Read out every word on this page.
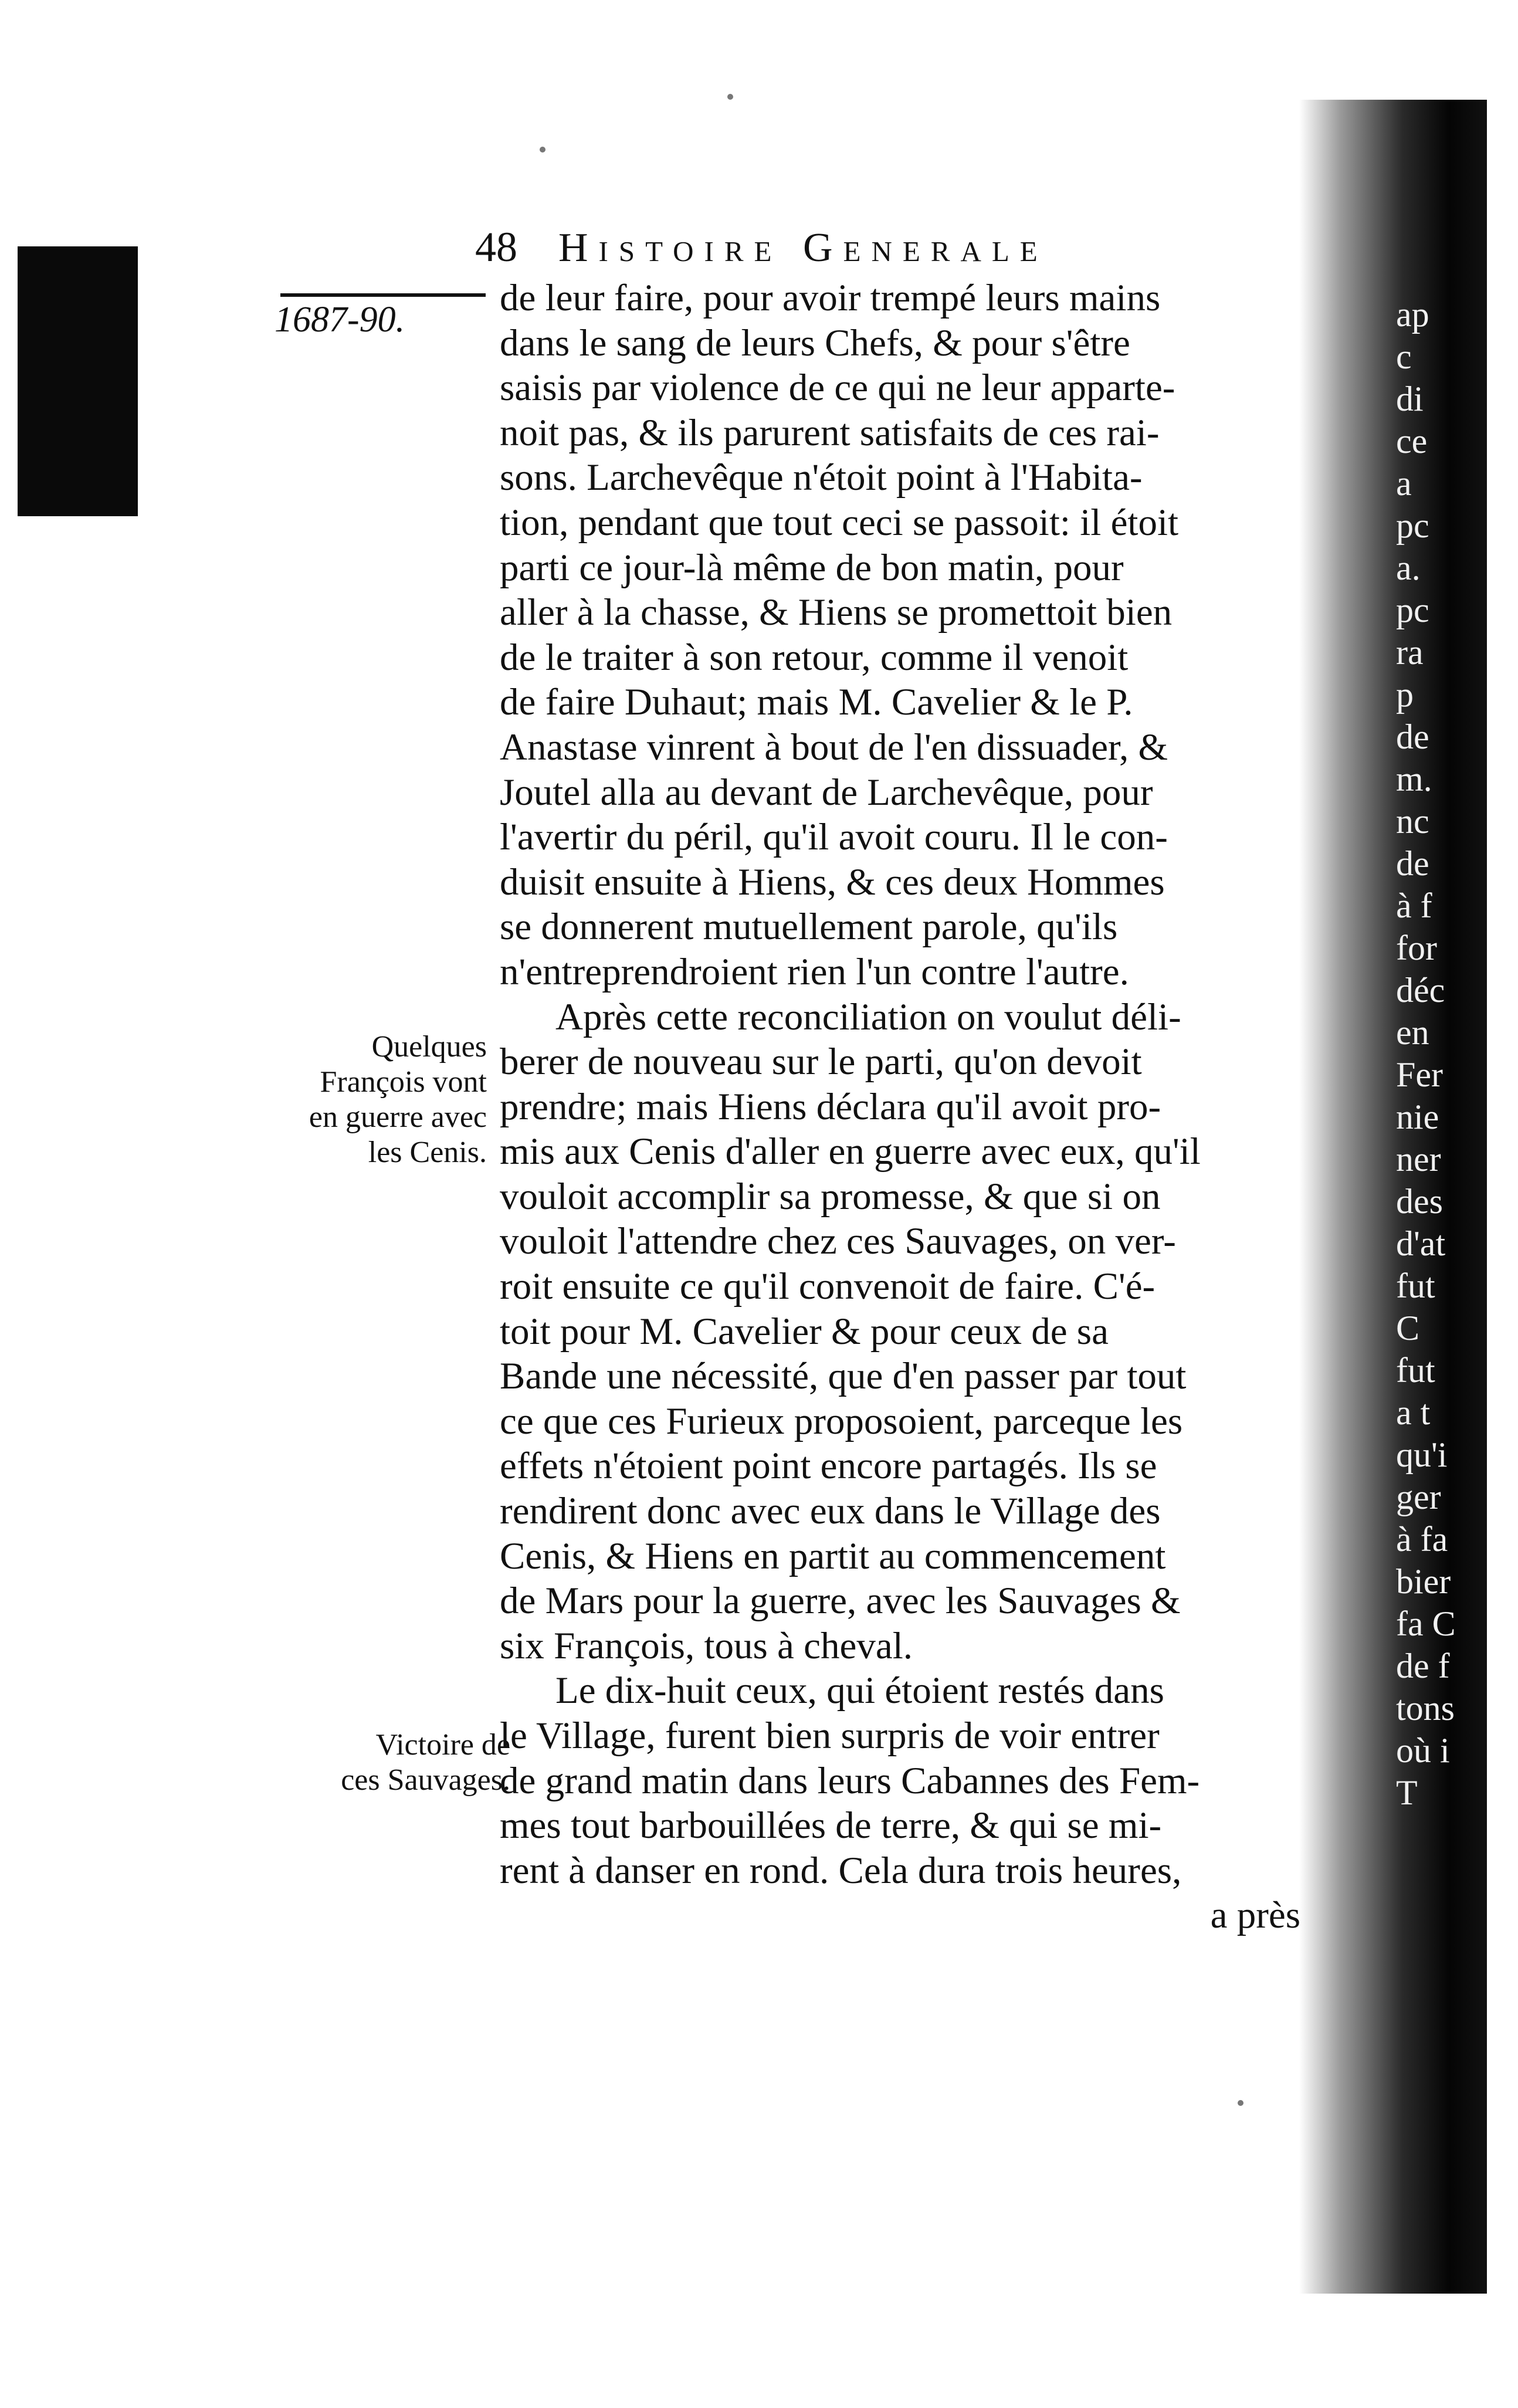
ap
c
di
ce
a
pc
a.
pc
ra
p
de
m.
nc
de
à f
for
déc
en
Fer
nie
ner
des
d'at
fut
C
fut
a t
qu'i
ger
à fa
bier
fa C
de f
tons
où i
T
48 Histoire Generale
1687-90.
Quelques
François vont
en guerre avec
les Cenis.
Victoire de
ces Sauvages.
de leur faire, pour avoir trempé leurs mains
dans le sang de leurs Chefs, & pour s'être
saisis par violence de ce qui ne leur apparte-
noit pas, & ils parurent satisfaits de ces rai-
sons. Larchevêque n'étoit point à l'Habita-
tion, pendant que tout ceci se passoit: il étoit
parti ce jour-là même de bon matin, pour
aller à la chasse, & Hiens se promettoit bien
de le traiter à son retour, comme il venoit
de faire Duhaut; mais M. Cavelier & le P.
Anastase vinrent à bout de l'en dissuader, &
Joutel alla au devant de Larchevêque, pour
l'avertir du péril, qu'il avoit couru. Il le con-
duisit ensuite à Hiens, & ces deux Hommes
se donnerent mutuellement parole, qu'ils
n'entreprendroient rien l'un contre l'autre.
Après cette reconciliation on voulut déli-
berer de nouveau sur le parti, qu'on devoit
prendre; mais Hiens déclara qu'il avoit pro-
mis aux Cenis d'aller en guerre avec eux, qu'il
vouloit accomplir sa promesse, & que si on
vouloit l'attendre chez ces Sauvages, on ver-
roit ensuite ce qu'il convenoit de faire. C'é-
toit pour M. Cavelier & pour ceux de sa
Bande une nécessité, que d'en passer par tout
ce que ces Furieux proposoient, parceque les
effets n'étoient point encore partagés. Ils se
rendirent donc avec eux dans le Village des
Cenis, & Hiens en partit au commencement
de Mars pour la guerre, avec les Sauvages &
six François, tous à cheval.
Le dix-huit ceux, qui étoient restés dans
le Village, furent bien surpris de voir entrer
de grand matin dans leurs Cabannes des Fem-
mes tout barbouillées de terre, & qui se mi-
rent à danser en rond. Cela dura trois heures,
a près
